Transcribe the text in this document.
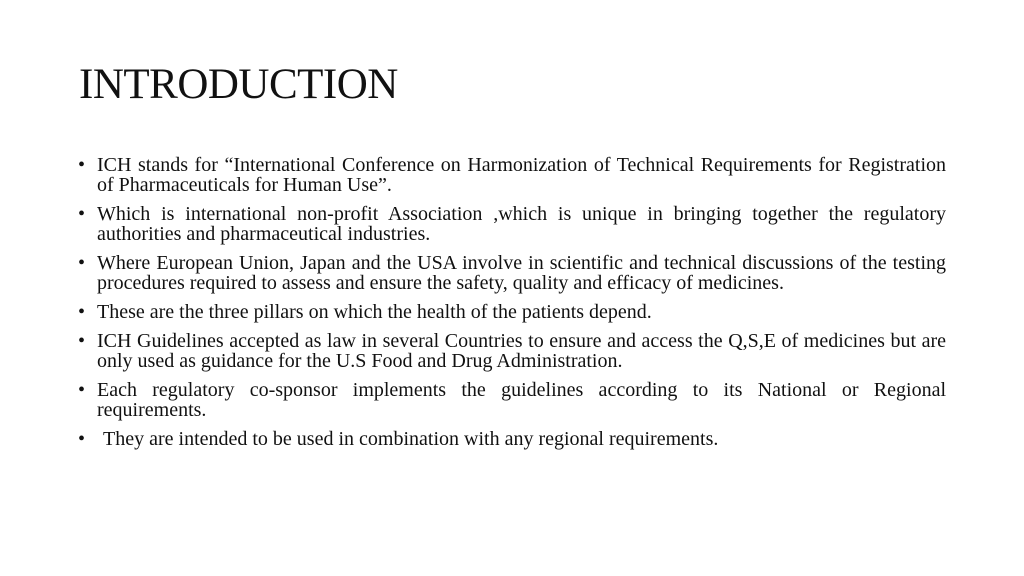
INTRODUCTION
• ICH stands for “International Conference on Harmonization of Technical Requirements for Registration of Pharmaceuticals for Human Use”.
• Which is international non-profit Association ,which is unique in bringing together the regulatory authorities and pharmaceutical industries.
• Where European Union, Japan and the USA involve in scientific and technical discussions of the testing procedures required to assess and ensure the safety, quality and efficacy of medicines.
• These are the three pillars on which the health of the patients depend.
• ICH Guidelines accepted as law in several Countries to ensure and access the Q,S,E of medicines but are only used as guidance for the U.S Food and Drug Administration.
• Each regulatory co-sponsor implements the guidelines according to its National or Regional requirements.
• They are intended to be used in combination with any regional requirements.
